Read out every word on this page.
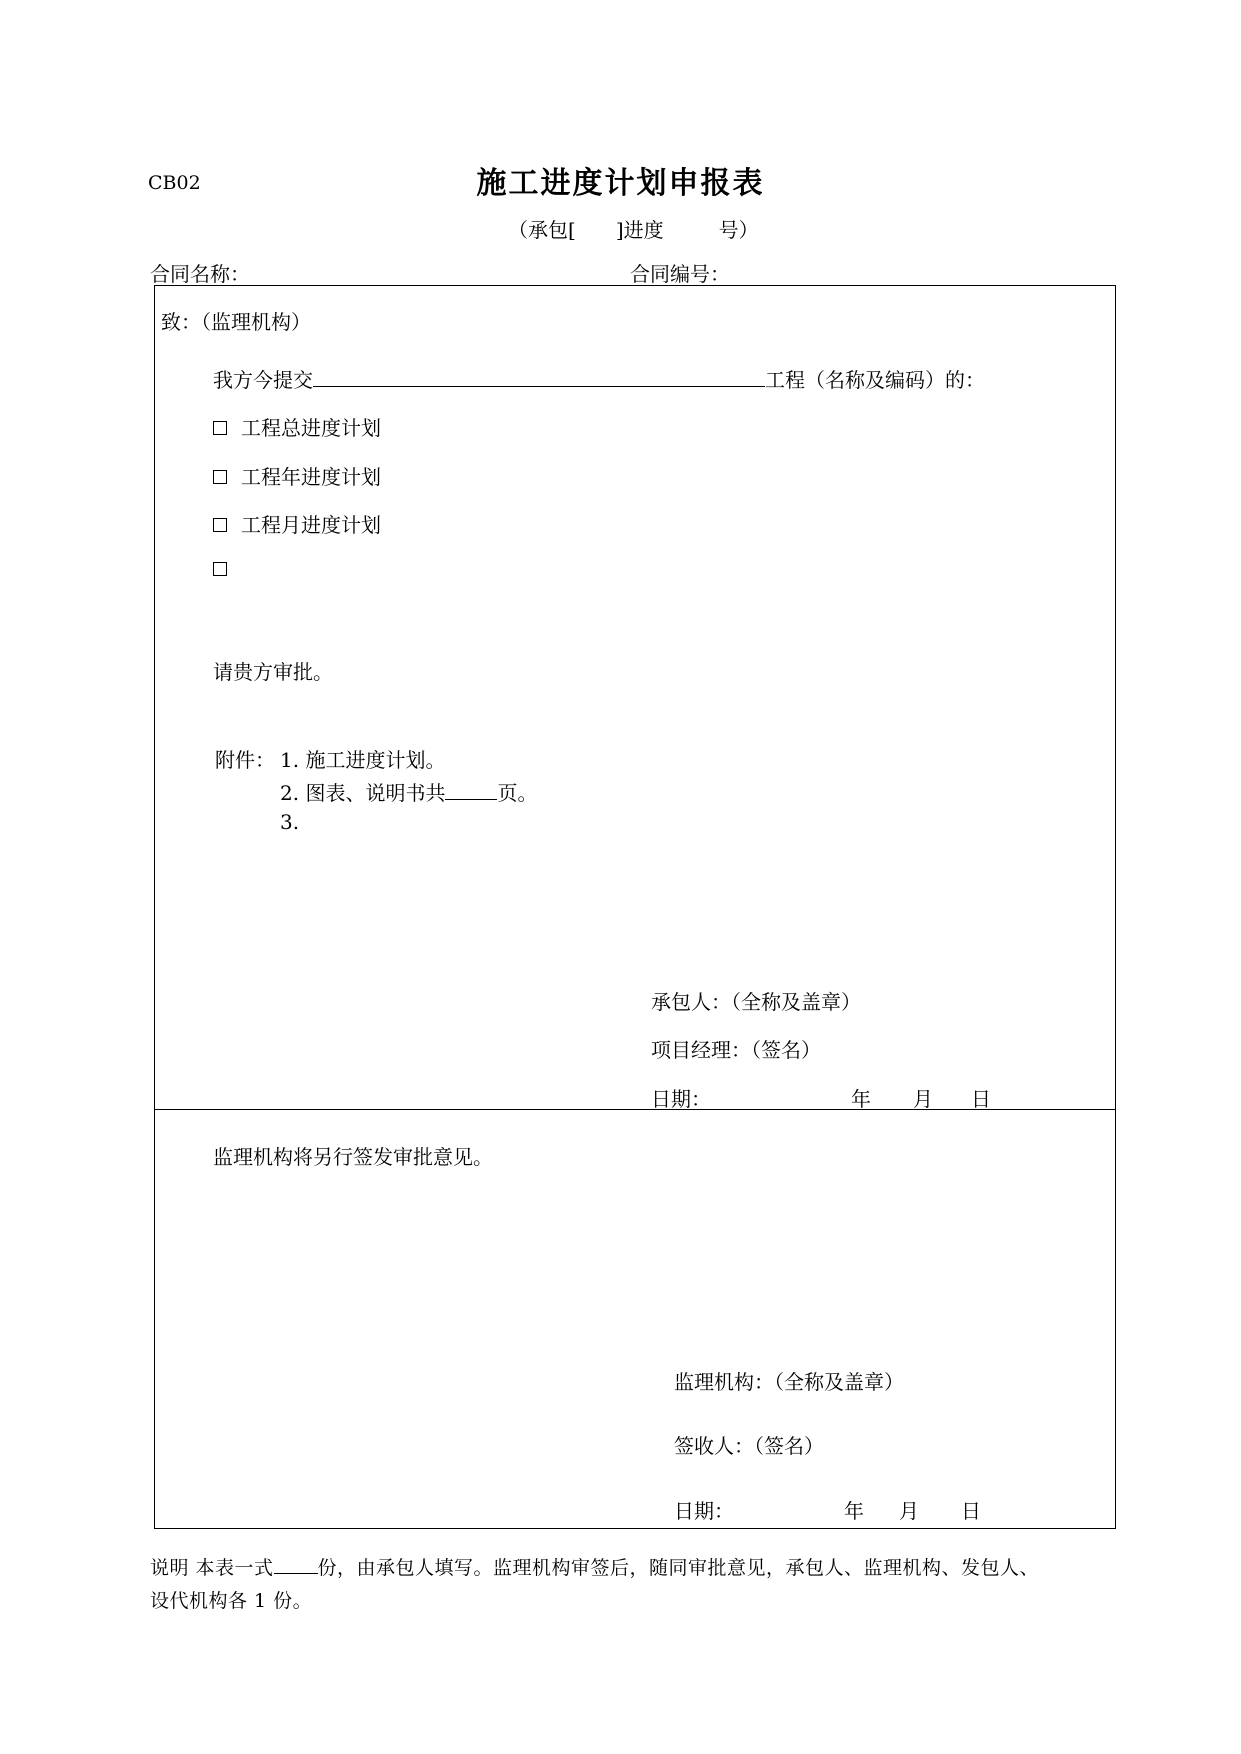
CB02	施工进度计划申报表
（承包[ ]进度	号）
合同名称：	合同编号：
致：（监理机构）
我方今提交	工程（名称及编码）的：
工程总进度计划
工程年进度计划
工程月进度计划
请贵方审批。
附件： 1. 施工进度计划。
2. 图表、说明书共	页。
3.
承包人：（全称及盖章）
项目经理：（签名）
日期：	年 月 日
监理机构将另行签发审批意见。
监理机构：（全称及盖章）
签收人：（签名）
日期：	年 月 日
说明 本表一式 份，由承包人填写。监理机构审签后，随同审批意见，承包人、监理机构、发包人、
设代机构各 1 份。
